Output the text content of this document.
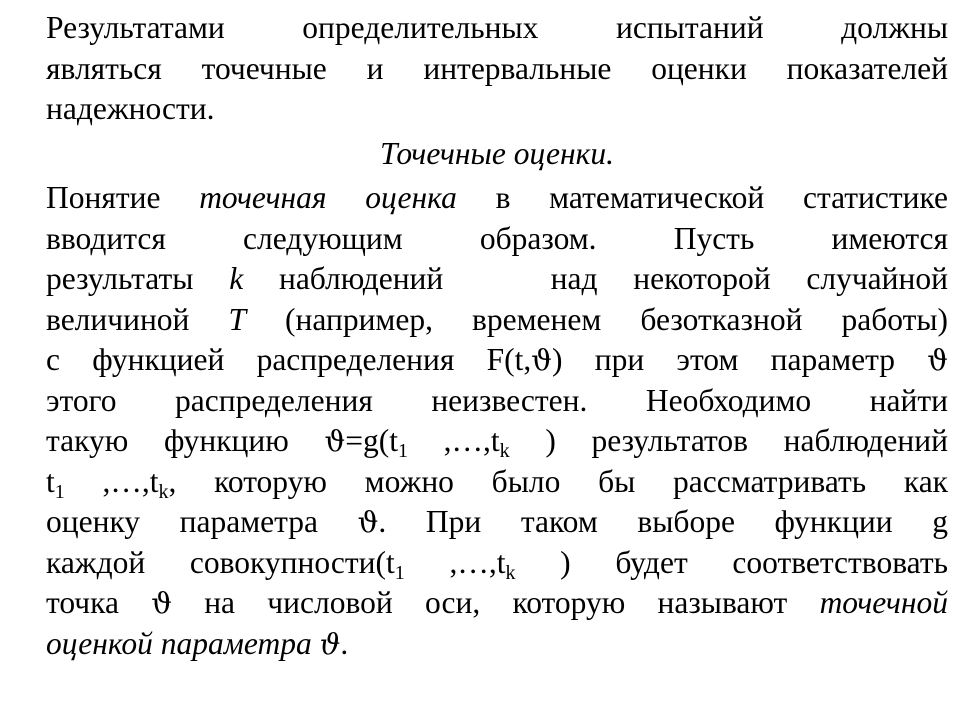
Результатами определительных испытаний должны
являться точечные и интервальные оценки показателей
надежности.

Точечные оценки.

Понятие точечная оценка в математической статистике
вводится следующим образом. Пусть имеются
результаты k наблюдений   над некоторой случайной
величиной T (например, временем безотказной работы)
с функцией распределения F(t,ϑ) при этом параметр ϑ
этого распределения неизвестен. Необходимо найти
такую функцию $ϑ=g(t_1$ $,\dots,t_k$ ) результатов наблюдений
$t_1$ $,\dots,t_k$, которую можно было бы рассматривать как
оценку параметра ϑ. При таком выборе функции g
каждой $совокупности(t_1$ $,\dots,t_k$ ) будет соответствовать
точка ϑ на числовой оси, которую называют точечной
оценкой параметра ϑ.
